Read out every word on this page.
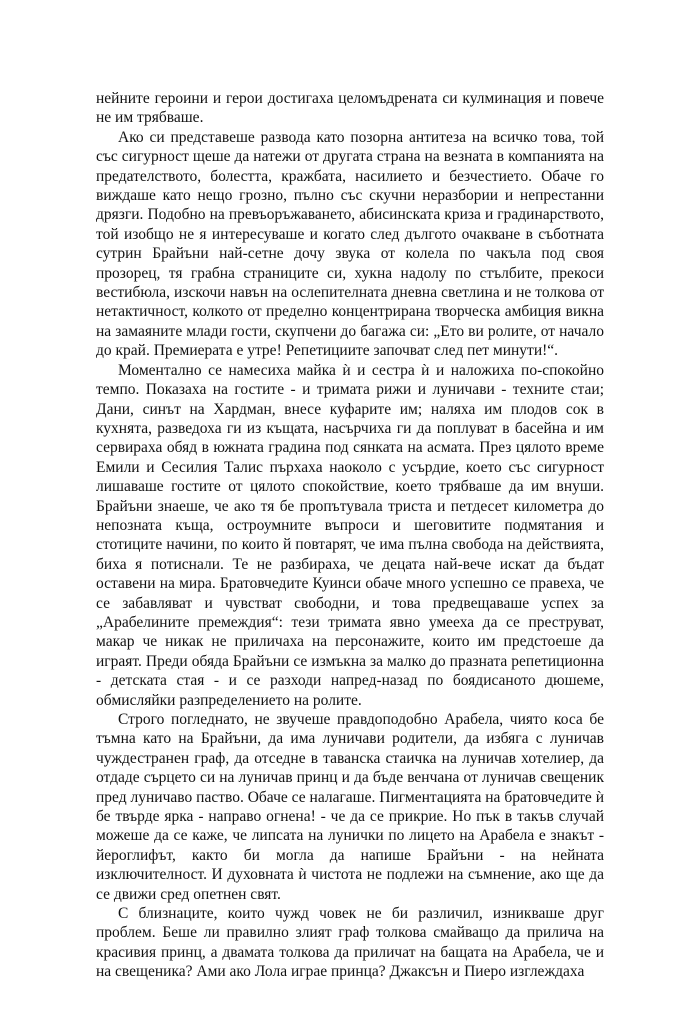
нейните героини и герои достигаха целомъдрената си кулминация и повече не им трябваше.

Ако си представеше развода като позорна антитеза на всичко това, той със сигурност щеше да натежи от другата страна на везната в компанията на предателството, болестта, кражбата, насилието и безчестието. Обаче го виждаше като нещо грозно, пълно със скучни неразбории и непрестанни дрязги. Подобно на превъоръжаването, абисинската криза и градинарството, той изобщо не я интересуваше и когато след дългото очакване в съботната сутрин Брайъни най-сетне дочу звука от колела по чакъла под своя прозорец, тя грабна страниците си, хукна надолу по стълбите, прекоси вестибюла, изскочи навън на ослепителната дневна светлина и не толкова от нетактичност, колкото от пределно концентрирана творческа амбиция викна на замаяните млади гости, скупчени до багажа си: „Ето ви ролите, от начало до край. Премиерата е утре! Репетициите започват след пет минути!“.

Моментално се намесиха майка ѝ и сестра ѝ и наложиха по-спокойно темпо. Показаха на гостите - и тримата рижи и луничави - техните стаи; Дани, синът на Хардман, внесе куфарите им; наляха им плодов сок в кухнята, разведоха ги из къщата, насърчиха ги да поплуват в басейна и им сервираха обяд в южната градина под сянката на асмата. През цялото време Емили и Сесилия Талис пърхаха наоколо с усърдие, което със сигурност лишаваше гостите от цялото спокойствие, което трябваше да им внуши. Брайъни знаеше, че ако тя бе пропътувала триста и петдесет километра до непозната къща, остроумните въпроси и шеговитите подмятания и стотиците начини, по които й повтарят, че има пълна свобода на действията, биха я потиснали. Те не разбираха, че децата най-вече искат да бъдат оставени на мира. Братовчедите Куинси обаче много успешно се правеха, че се забавляват и чувстват свободни, и това предвещаваше успех за „Арабелините премеждия“: тези тримата явно умееха да се преструват, макар че никак не приличаха на персонажите, които им предстоеше да играят. Преди обяда Брайъни се измъкна за малко до празната репетиционна - детската стая - и се разходи напред-назад по боядисаното дюшеме, обмисляйки разпределението на ролите.

Строго погледнато, не звучеше правдоподобно Арабела, чиято коса бе тъмна като на Брайъни, да има луничави родители, да избяга с луничав чуждестранен граф, да отседне в таванска стаичка на луничав хотелиер, да отдаде сърцето си на луничав принц и да бъде венчана от луничав свещеник пред луничаво паство. Обаче се налагаше. Пигментацията на братовчедите ѝ бе твърде ярка - направо огнена! - че да се прикрие. Но пък в такъв случай можеше да се каже, че липсата на лунички по лицето на Арабела е знакът - йероглифът, както би могла да напише Брайъни - на нейната изключителност. И духовната ѝ чистота не подлежи на съмнение, ако ще да се движи сред опетнен свят.

С близнаците, които чужд човек не би различил, изникваше друг проблем. Беше ли правилно злият граф толкова смайващо да прилича на красивия принц, а двамата толкова да приличат на бащата на Арабела, че и на свещеника? Ами ако Лола играе принца? Джаксън и Пиеро изглеждаха
